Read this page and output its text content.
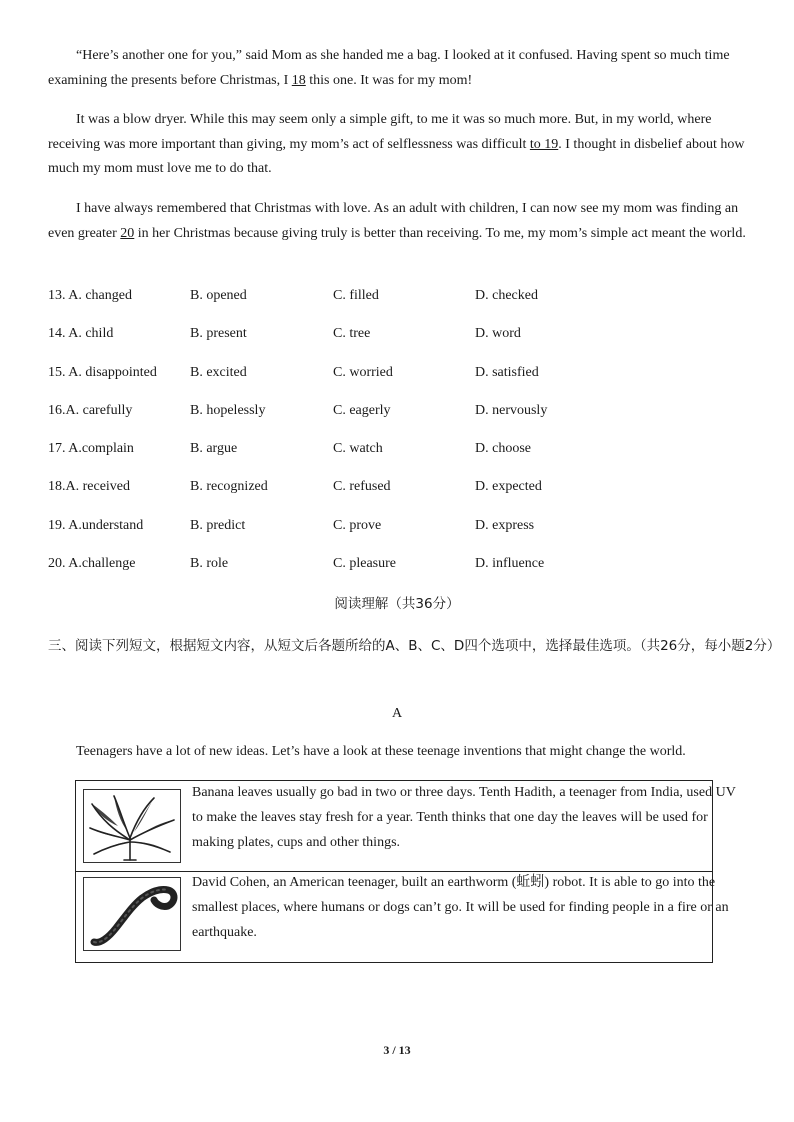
“Here’s another one for you,” said Mom as she handed me a bag. I looked at it confused. Having spent so much time examining the presents before Christmas, I 18 this one. It was for my mom!

It was a blow dryer. While this may seem only a simple gift, to me it was so much more. But, in my world, where receiving was more important than giving, my mom’s act of selflessness was difficult to 19. I thought in disbelief about how much my mom must love me to do that.

I have always remembered that Christmas with love. As an adult with children, I can now see my mom was finding an even greater 20 in her Christmas because giving truly is better than receiving. To me, my mom’s simple act meant the world.

13. A. changed	B. opened	C. filled	D. checked
14. A. child	B. present	C. tree	D. word
15. A. disappointed B. excited	C. worried	D. satisfied
16.A. carefully	B. hopelessly	C. eagerly	D. nervously
17. A.complain	B. argue	C. watch	D. choose
18.A. received	B. recognized	C. refused	D. expected
19. A.understand	B. predict	C. prove	D. express
20. A.challenge	B. role	C. pleasure	D. influence
阅读理解（共36分）
三、阅读下列短文，根据短文内容，从短文后各题所给的A、B、C、D四个选项中，选择最佳选项。（共26分，每小题2分）
A

Teenagers have a lot of new ideas. Let’s have a look at these teenage inventions that might change the world.

Banana leaves usually go bad in two or three days. Tenth Hadith, a teenager from India, used UV to make the leaves stay fresh for a year. Tenth thinks that one day the leaves will be used for making plates, cups and other things.

David Cohen, an American teenager, built an earthworm (蚯蚓) robot. It is able to go into the smallest places, where humans or dogs can’t go. It will be used for finding people in a fire or an earthquake.

3 / 13
